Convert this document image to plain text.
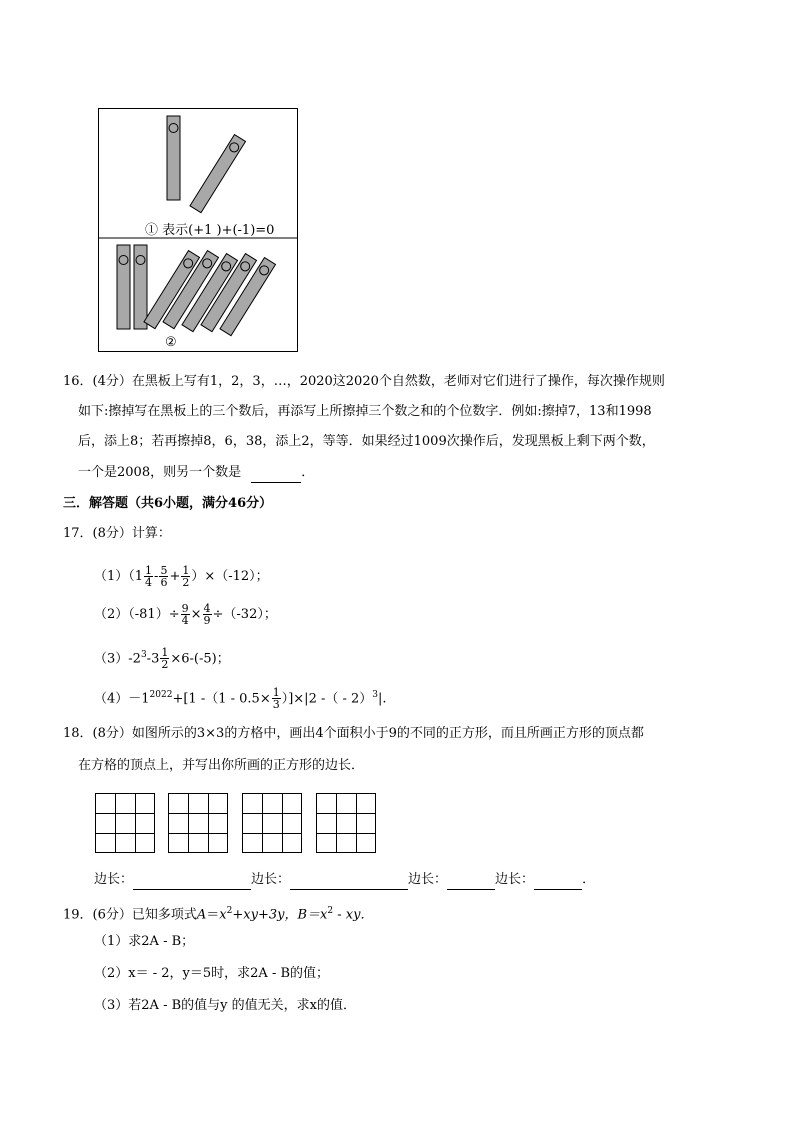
① 表示(+1 )+(-1)=0
②
16．(4分）在黑板上写有1，2，3，…，2020这2020个自然数，老师对它们进行了操作，每次操作规则
如下:擦掉写在黑板上的三个数后，再添写上所擦掉三个数之和的个位数字．例如:擦掉7，13和1998
后，添上8；若再擦掉8，6，38，添上2，等等．如果经过1009次操作后，发现黑板上剩下两个数，
一个是2008，则另一个数是	．
三．解答题（共6小题，满分46分）
17．(8分）计算：
$(1)(1 \frac{1}{4} - \frac{5}{6} + \frac{1}{2} )\times(-12)$；
$(2)(-81)\div \frac{9}{4} \times \frac{4}{9} \div(-32)$；
$(3)-2^3-3 \frac{1}{2} \times 6-(-5)$；
$(4)-1^{2022}+[1$ $-(1 - 0.5\times \frac{1}{3} )]\times|2$ -（ - 2）$^3$|.
18．(8分）如图所示的3×3的方格中，画出4个面积小于9的不同的正方形，而且所画正方形的顶点都
在方格的顶点上，并写出你所画的正方形的边长．
边长：	边长：	边长：	边长：	．
19．(6分）已知多项式$A=x^2+xy+3y$，$B=x^2$ - xy．
（1）求2A - B；
（2）x＝ - 2，y＝5时，求2A - B的值；
（3）若2A - B的值与y 的值无关，求x的值．
